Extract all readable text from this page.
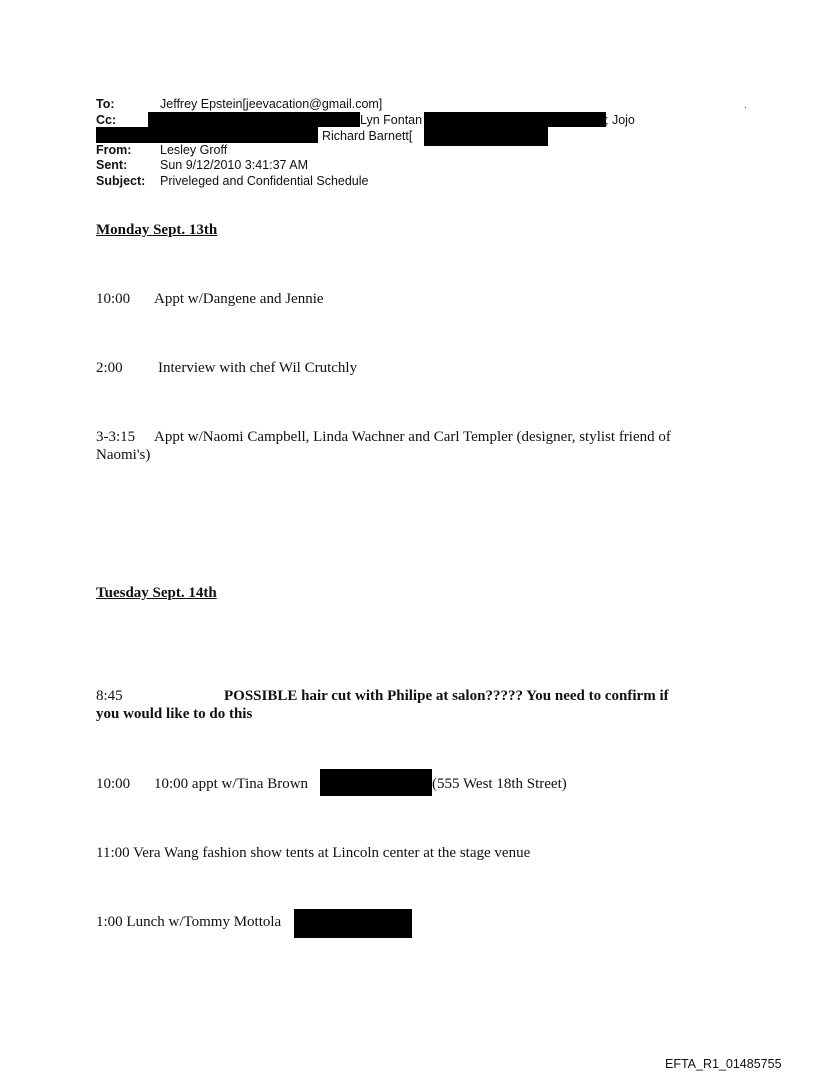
To:	Jeffrey Epstein[jeevacation@gmail.com]
Cc:	Lyn Fontan	; Jojo
Richard Barnett[
From: Lesley Groff
Sent:	Sun 9/12/2010 3:41:37 AM
Subject: Priveleged and Confidential Schedule
.
Monday Sept. 13th
10:00 Appt w/Dangene and Jennie
2:00 Interview with chef Wil Crutchly
3-3:15 Appt w/Naomi Campbell, Linda Wachner and Carl Templer (designer, stylist friend of
Naomi's)
Tuesday Sept. 14th
8:45	POSSIBLE hair cut with Philipe at salon????? You need to confirm if
you would like to do this
10:00 10:00 appt w/Tina Brown	(555 West 18th Street)
11:00 Vera Wang fashion show tents at Lincoln center at the stage venue
1:00 Lunch w/Tommy Mottola
EFTA_R1_01485755
